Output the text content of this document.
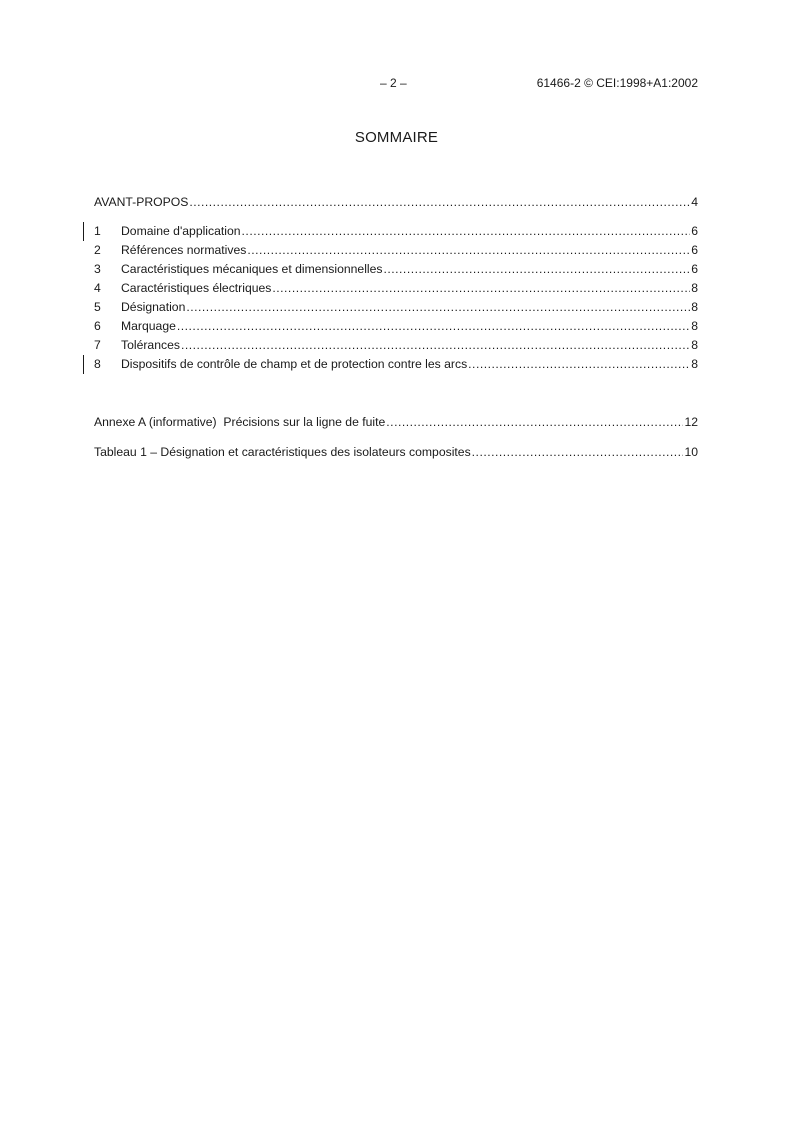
– 2 –	61466-2 © CEI:1998+A1:2002
SOMMAIRE
AVANT-PROPOS .....	4
1	Domaine d'application .....	6
2	Références normatives .....	6
3	Caractéristiques mécaniques et dimensionnelles .....	6
4	Caractéristiques électriques .....	8
5	Désignation .....	8
6	Marquage .....	8
7	Tolérances .....	8
8	Dispositifs de contrôle de champ et de protection contre les arcs .....	8
Annexe A (informative)  Précisions sur la ligne de fuite .....	12
Tableau 1 – Désignation et caractéristiques des isolateurs composites .....	10
